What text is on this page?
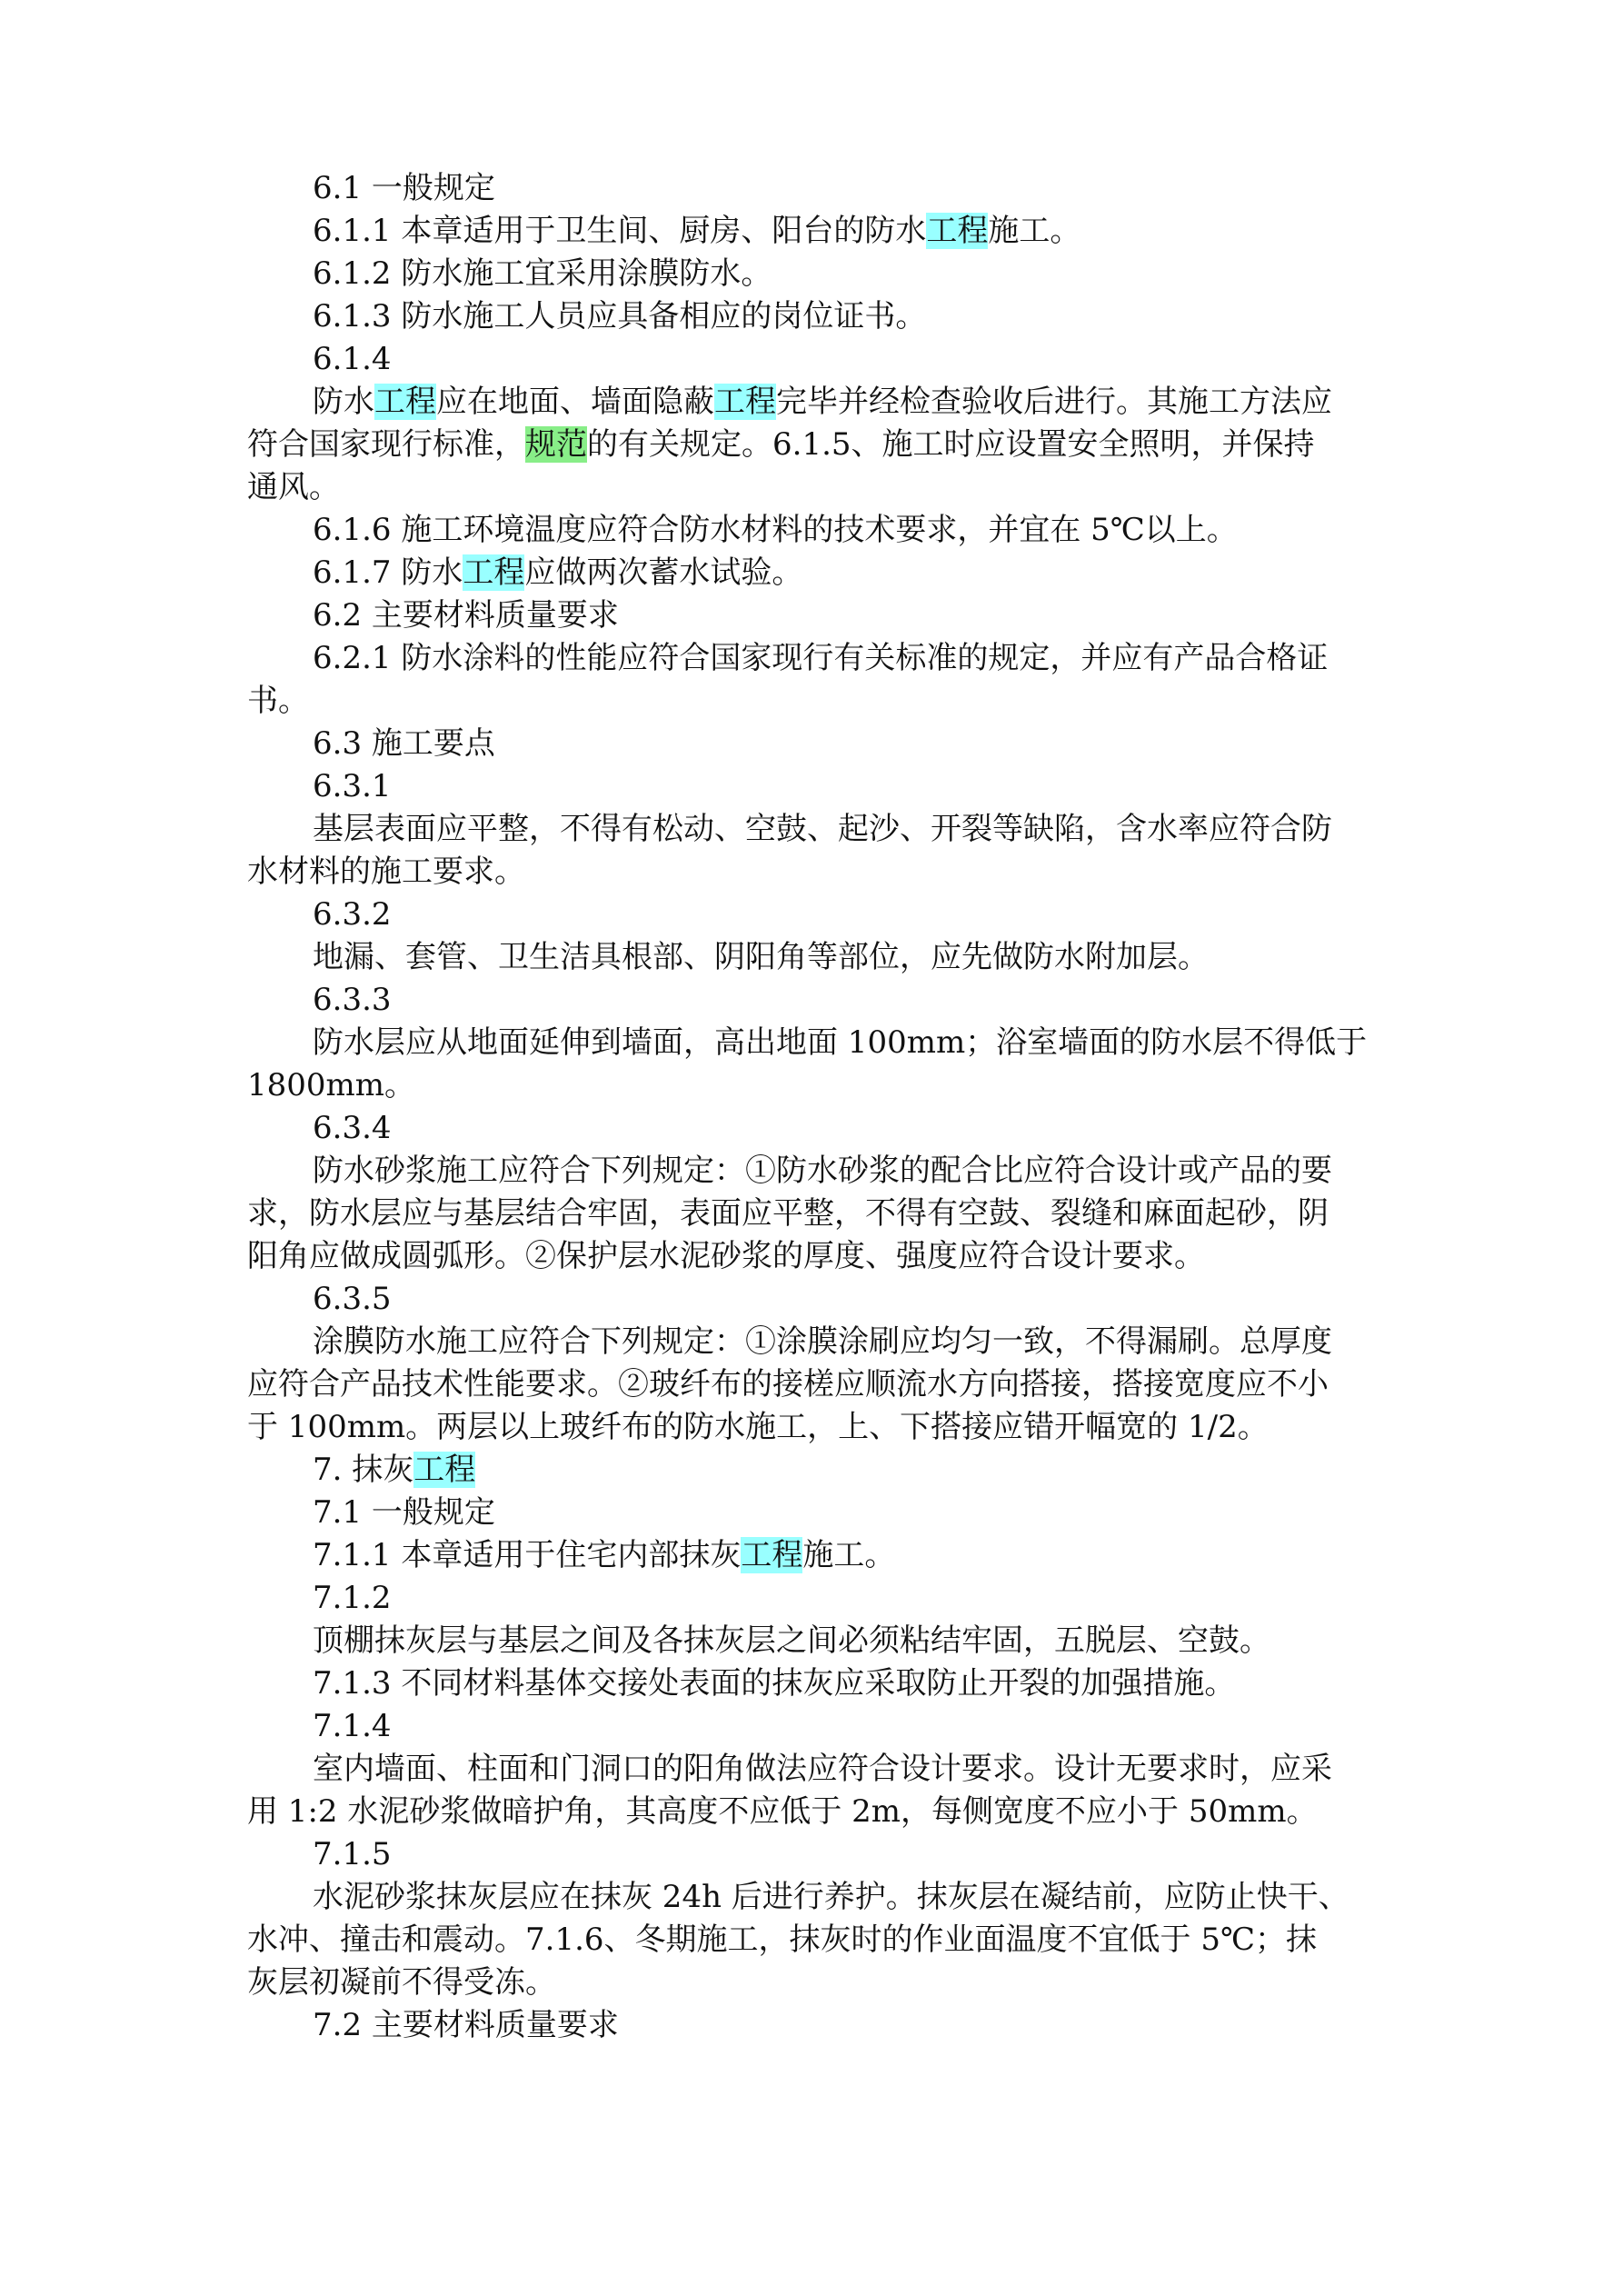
6.1 一般规定
6.1.1 本章适用于卫生间、厨房、阳台的防水工程施工。
6.1.2 防水施工宜采用涂膜防水。
6.1.3 防水施工人员应具备相应的岗位证书。
6.1.4
防水工程应在地面、墙面隐蔽工程完毕并经检查验收后进行。其施工方法应
符合国家现行标准，规范的有关规定。6.1.5、施工时应设置安全照明，并保持
通风。
6.1.6 施工环境温度应符合防水材料的技术要求，并宜在 5℃以上。
6.1.7 防水工程应做两次蓄水试验。
6.2 主要材料质量要求
6.2.1 防水涂料的性能应符合国家现行有关标准的规定，并应有产品合格证
书。
6.3 施工要点
6.3.1
基层表面应平整，不得有松动、空鼓、起沙、开裂等缺陷，含水率应符合防
水材料的施工要求。
6.3.2
地漏、套管、卫生洁具根部、阴阳角等部位，应先做防水附加层。
6.3.3
防水层应从地面延伸到墙面，高出地面 100mm；浴室墙面的防水层不得低于
1800mm。
6.3.4
防水砂浆施工应符合下列规定：①防水砂浆的配合比应符合设计或产品的要
求，防水层应与基层结合牢固，表面应平整，不得有空鼓、裂缝和麻面起砂，阴
阳角应做成圆弧形。②保护层水泥砂浆的厚度、强度应符合设计要求。
6.3.5
涂膜防水施工应符合下列规定：①涂膜涂刷应均匀一致，不得漏刷。总厚度
应符合产品技术性能要求。②玻纤布的接槎应顺流水方向搭接，搭接宽度应不小
于 100mm。两层以上玻纤布的防水施工，上、下搭接应错开幅宽的 1/2。
7. 抹灰工程
7.1 一般规定
7.1.1 本章适用于住宅内部抹灰工程施工。
7.1.2
顶棚抹灰层与基层之间及各抹灰层之间必须粘结牢固，五脱层、空鼓。
7.1.3 不同材料基体交接处表面的抹灰应采取防止开裂的加强措施。
7.1.4
室内墙面、柱面和门洞口的阳角做法应符合设计要求。设计无要求时，应采
用 1:2 水泥砂浆做暗护角，其高度不应低于 2m，每侧宽度不应小于 50mm。
7.1.5
水泥砂浆抹灰层应在抹灰 24h 后进行养护。抹灰层在凝结前，应防止快干、
水冲、撞击和震动。7.1.6、冬期施工，抹灰时的作业面温度不宜低于 5℃；抹
灰层初凝前不得受冻。
7.2 主要材料质量要求
